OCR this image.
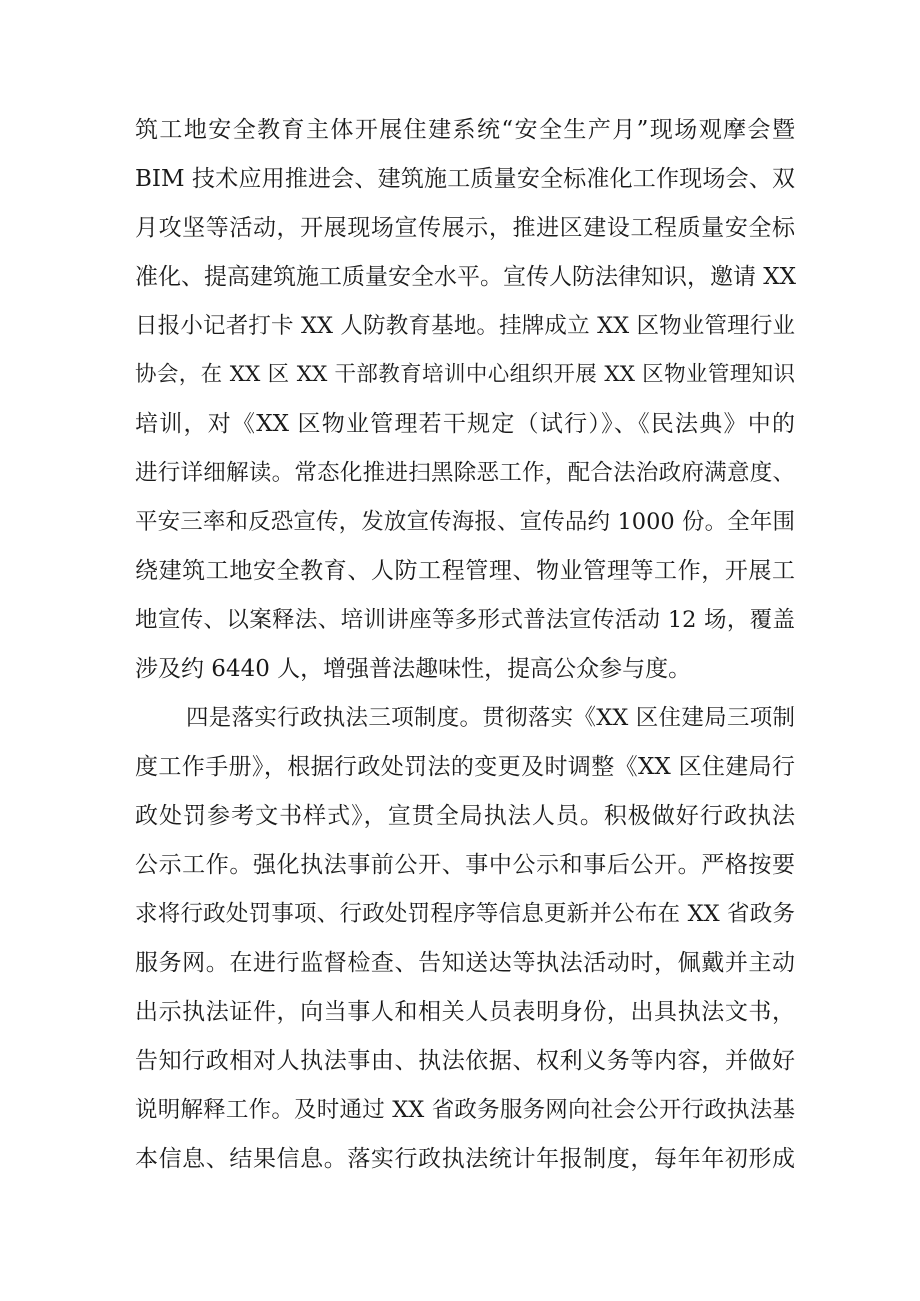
筑工地安全教育主体开展住建系统“安全生产月”现场观摩会暨
BIM 技术应用推进会、建筑施工质量安全标准化工作现场会、双
月攻坚等活动，开展现场宣传展示，推进区建设工程质量安全标
准化、提高建筑施工质量安全水平。宣传人防法律知识，邀请 XX
日报小记者打卡 XX 人防教育基地。挂牌成立 XX 区物业管理行业
协会，在 XX 区 XX 干部教育培训中心组织开展 XX 区物业管理知识
培训，对《XX 区物业管理若干规定（试行）》、《民法典》中的
进行详细解读。常态化推进扫黑除恶工作，配合法治政府满意度、
平安三率和反恐宣传，发放宣传海报、宣传品约 1000 份。全年围
绕建筑工地安全教育、人防工程管理、物业管理等工作，开展工
地宣传、以案释法、培训讲座等多形式普法宣传活动 12 场，覆盖
涉及约 6440 人，增强普法趣味性，提高公众参与度。
四是落实行政执法三项制度。贯彻落实《XX 区住建局三项制
度工作手册》，根据行政处罚法的变更及时调整《XX 区住建局行
政处罚参考文书样式》，宣贯全局执法人员。积极做好行政执法
公示工作。强化执法事前公开、事中公示和事后公开。严格按要
求将行政处罚事项、行政处罚程序等信息更新并公布在 XX 省政务
服务网。在进行监督检查、告知送达等执法活动时，佩戴并主动
出示执法证件，向当事人和相关人员表明身份，出具执法文书，
告知行政相对人执法事由、执法依据、权利义务等内容，并做好
说明解释工作。及时通过 XX 省政务服务网向社会公开行政执法基
本信息、结果信息。落实行政执法统计年报制度，每年年初形成
